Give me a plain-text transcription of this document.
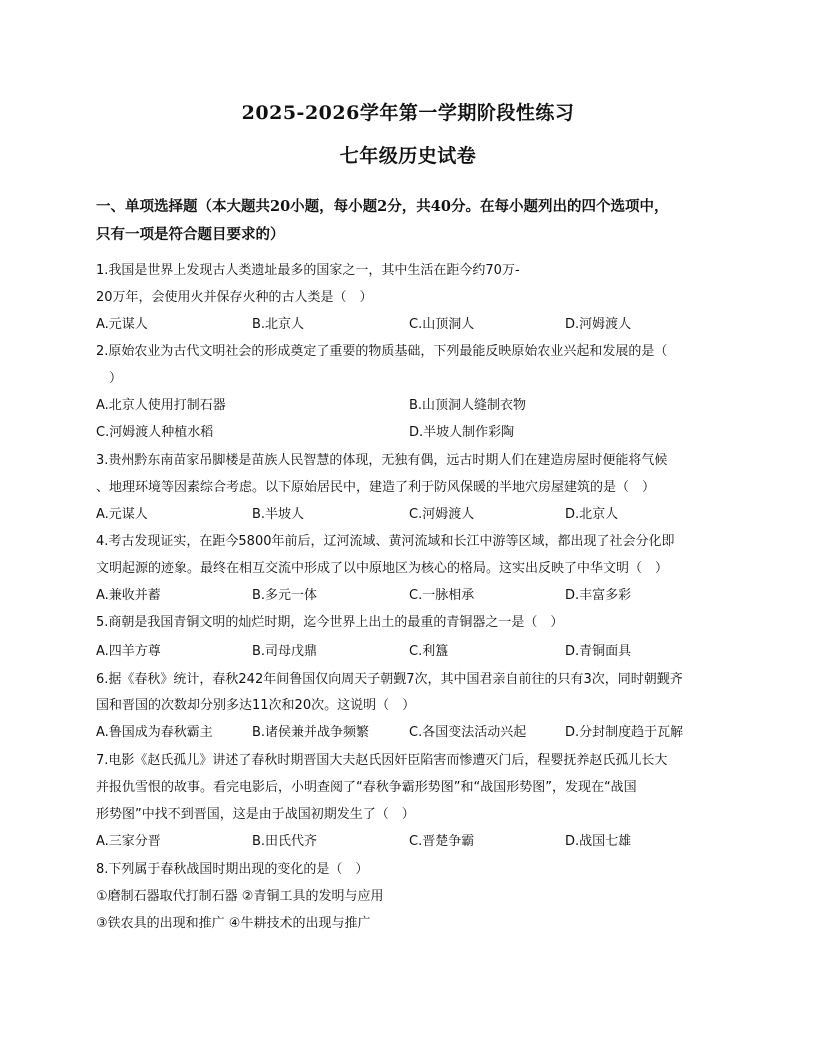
2025-2026学年第一学期阶段性练习
七年级历史试卷
一、单项选择题（本大题共20小题，每小题2分，共40分。在每小题列出的四个选项中，
只有一项是符合题目要求的）
1.我国是世界上发现古人类遗址最多的国家之一，其中生活在距今约70万-
20万年，会使用火并保存火种的古人类是（　）
A.元谋人	B.北京人	C.山顶洞人	D.河姆渡人
2.原始农业为古代文明社会的形成奠定了重要的物质基础，下列最能反映原始农业兴起和发展的是（
　）
A.北京人使用打制石器	B.山顶洞人缝制衣物
C.河姆渡人种植水稻	D.半坡人制作彩陶
3.贵州黔东南苗家吊脚楼是苗族人民智慧的体现，无独有偶，远古时期人们在建造房屋时便能将气候
、地理环境等因素综合考虑。以下原始居民中，建造了利于防风保暖的半地穴房屋建筑的是（　）
A.元谋人	B.半坡人	C.河姆渡人	D.北京人
4.考古发现证实，在距今5800年前后，辽河流域、黄河流域和长江中游等区域，都出现了社会分化即
文明起源的迹象。最终在相互交流中形成了以中原地区为核心的格局。这实出反映了中华文明（　）
A.兼收并蓄	B.多元一体	C.一脉相承	D.丰富多彩
5.商朝是我国青铜文明的灿烂时期，迄今世界上出土的最重的青铜器之一是（　）
A.四羊方尊	B.司母戊鼎	C.利簋	D.青铜面具
6.据《春秋》统计，春秋242年间鲁国仅向周天子朝觐7次，其中国君亲自前往的只有3次，同时朝觐齐
国和晋国的次数却分别多达11次和20次。这说明（　）
A.鲁国成为春秋霸主	B.诸侯兼并战争频繁	C.各国变法活动兴起	D.分封制度趋于瓦解
7.电影《赵氏孤儿》讲述了春秋时期晋国大夫赵氏因奸臣陷害而惨遭灭门后，程婴抚养赵氏孤儿长大
并报仇雪恨的故事。看完电影后，小明查阅了“春秋争霸形势图”和“战国形势图”，发现在“战国
形势图”中找不到晋国，这是由于战国初期发生了（　）
A.三家分晋	B.田氏代齐	C.晋楚争霸	D.战国七雄
8.下列属于春秋战国时期出现的变化的是（　）
①磨制石器取代打制石器 ②青铜工具的发明与应用
③铁农具的出现和推广 ④牛耕技术的出现与推广
